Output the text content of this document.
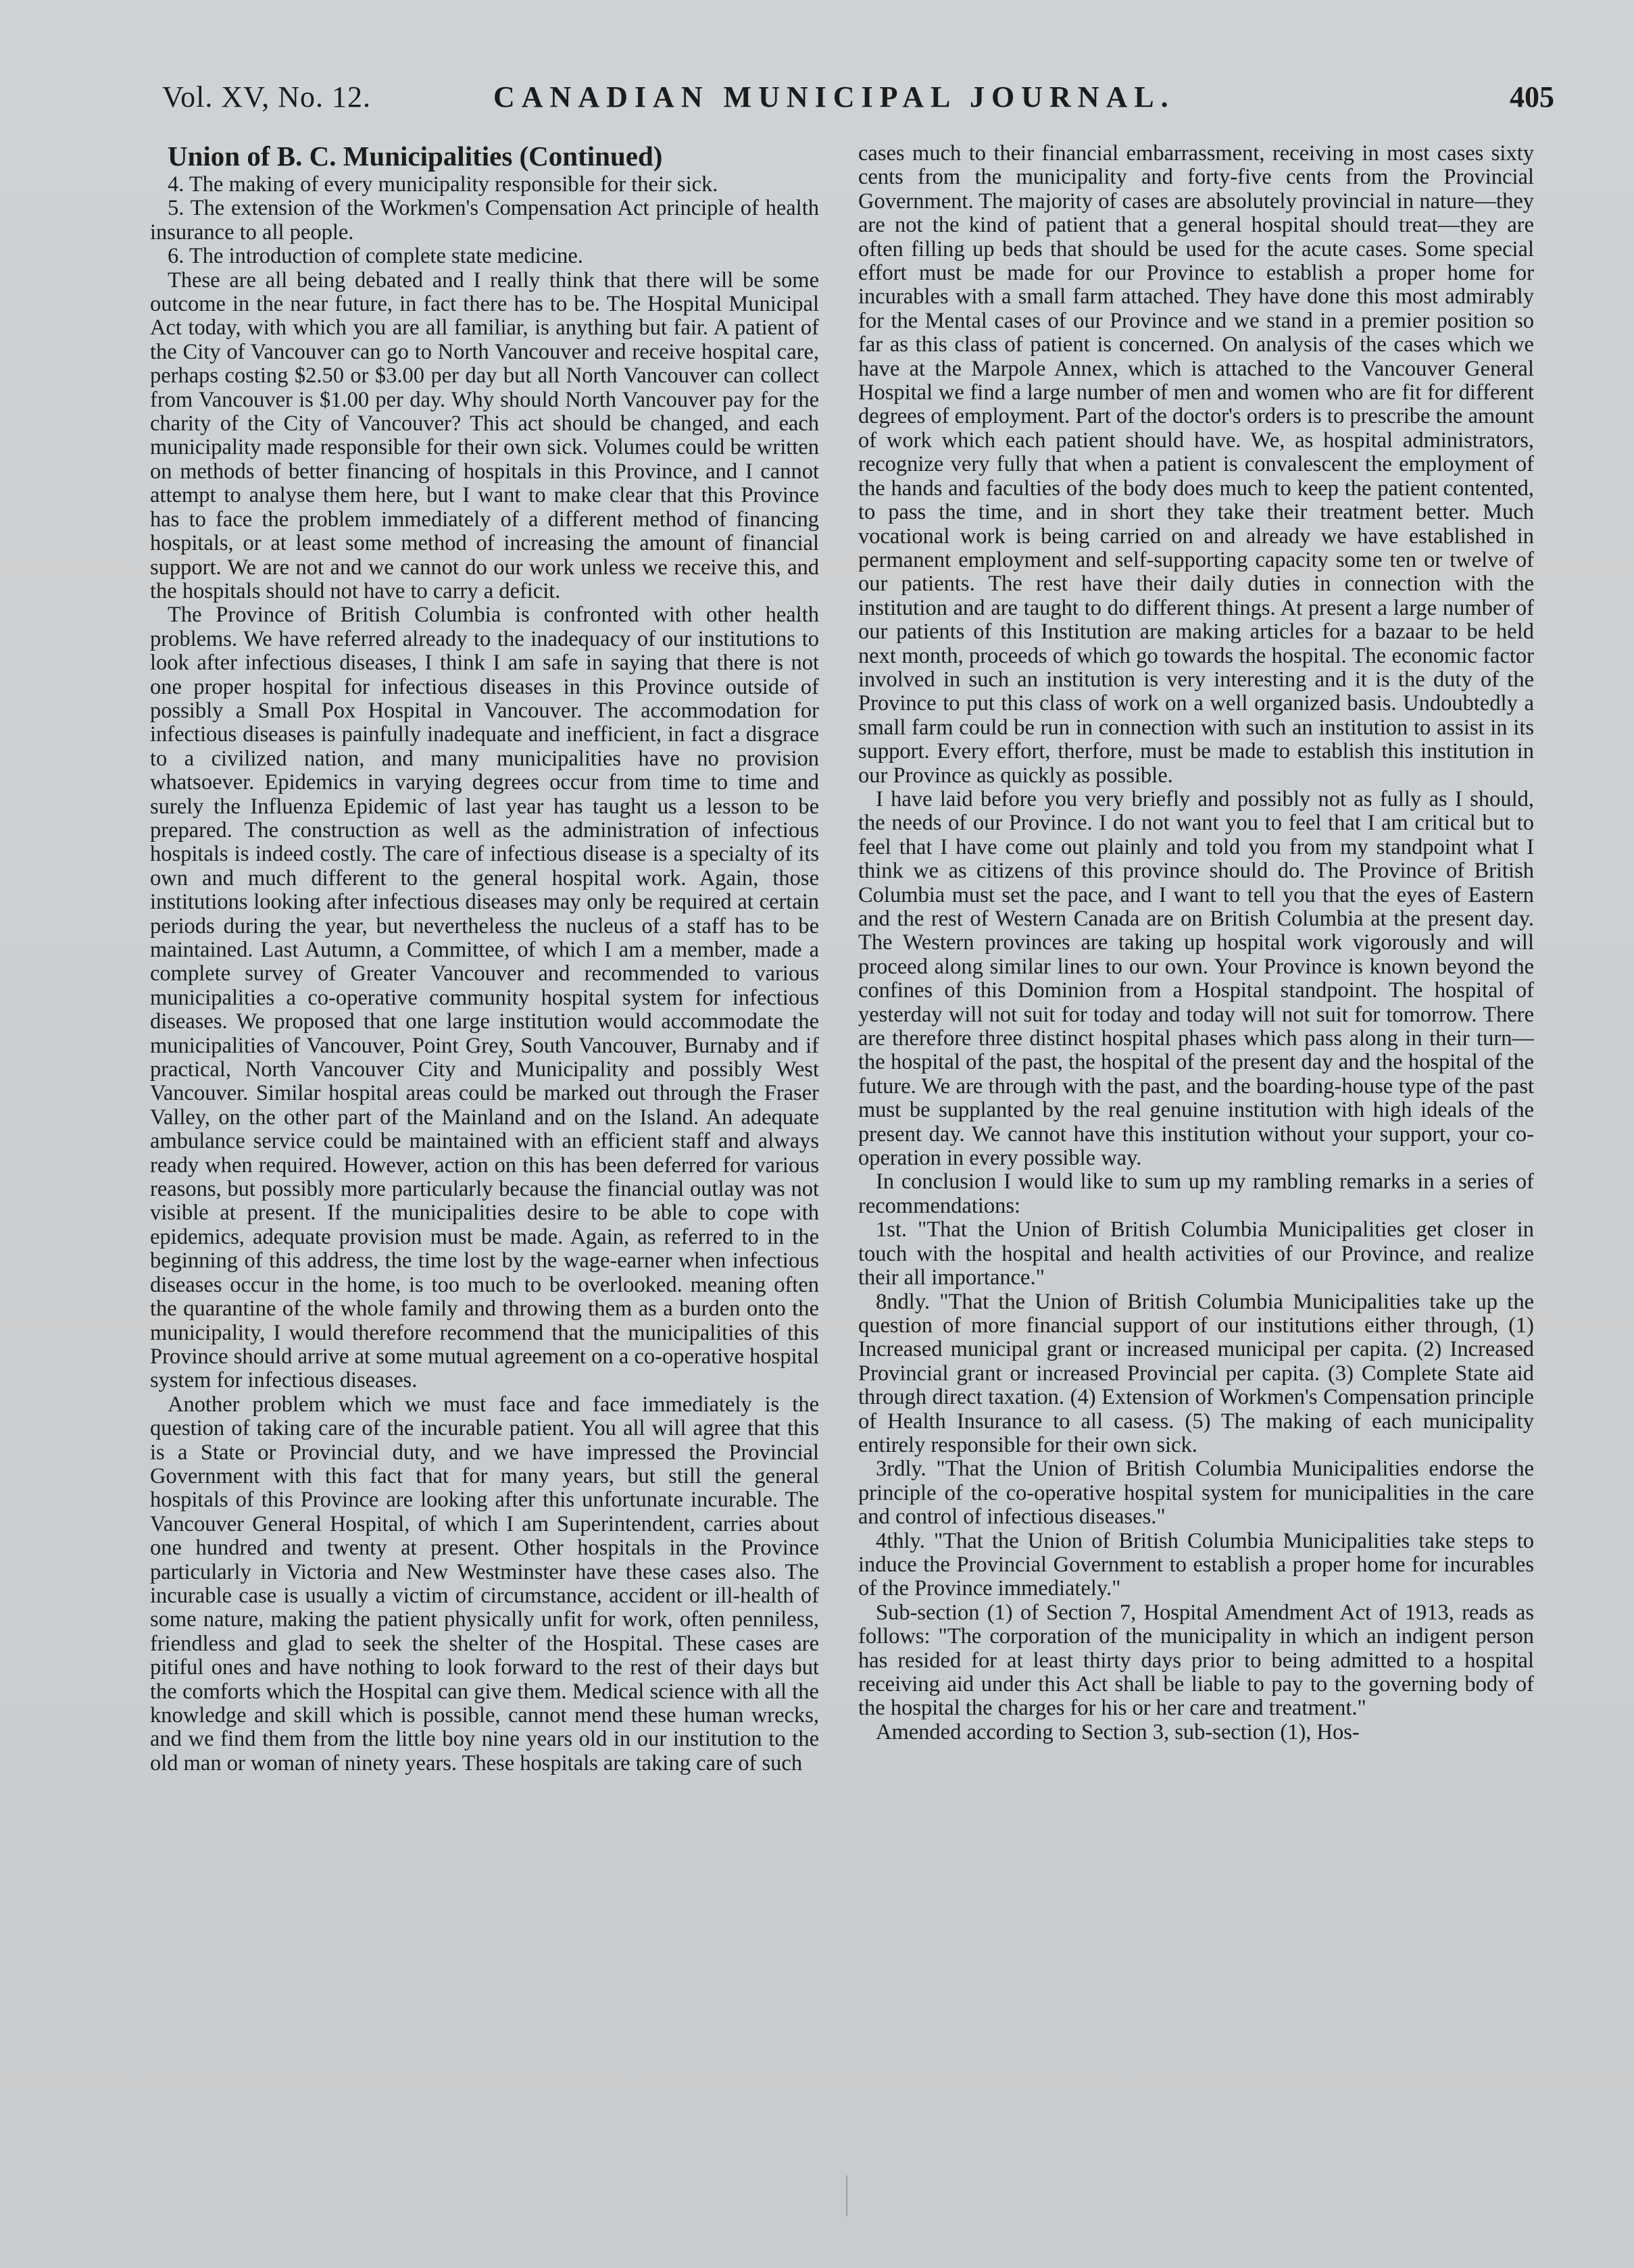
Vol. XV, No. 12.	CANADIAN MUNICIPAL JOURNAL.	405

Union of B. C. Municipalities (Continued)

4. The making of every municipality responsible for their sick.

5. The extension of the Workmen's Compensation Act principle of health insurance to all people.

6. The introduction of complete state medicine.

These are all being debated and I really think that there will be some outcome in the near future, in fact there has to be. The Hospital Municipal Act today, with which you are all familiar, is anything but fair. A patient of the City of Vancouver can go to North Vancouver and receive hospital care, perhaps costing $2.50 or $3.00 per day but all North Vancouver can collect from Vancouver is $1.00 per day. Why should North Vancouver pay for the charity of the City of Vancouver? This act should be changed, and each municipality made responsible for their own sick. Volumes could be written on methods of better financing of hospitals in this Province, and I cannot attempt to analyse them here, but I want to make clear that this Province has to face the problem immediately of a different method of financing hospitals, or at least some method of increasing the amount of financial support. We are not and we cannot do our work unless we receive this, and the hospitals should not have to carry a deficit.

The Province of British Columbia is confronted with other health problems. We have referred already to the inadequacy of our institutions to look after infectious diseases, I think I am safe in saying that there is not one proper hospital for infectious diseases in this Province outside of possibly a Small Pox Hospital in Vancouver. The accommodation for infectious diseases is painfully inadequate and inefficient, in fact a disgrace to a civilized nation, and many municipalities have no provision whatsoever. Epidemics in varying degrees occur from time to time and surely the Influenza Epidemic of last year has taught us a lesson to be prepared. The construction as well as the administration of infectious hospitals is indeed costly. The care of infectious disease is a specialty of its own and much different to the general hospital work. Again, those institutions looking after infectious diseases may only be required at certain periods during the year, but nevertheless the nucleus of a staff has to be maintained. Last Autumn, a Committee, of which I am a member, made a complete survey of Greater Vancouver and recommended to various municipalities a co-operative community hospital system for infectious diseases. We proposed that one large institution would accommodate the municipalities of Vancouver, Point Grey, South Vancouver, Burnaby and if practical, North Vancouver City and Municipality and possibly West Vancouver. Similar hospital areas could be marked out through the Fraser Valley, on the other part of the Mainland and on the Island. An adequate ambulance service could be maintained with an efficient staff and always ready when required. However, action on this has been deferred for various reasons, but possibly more particularly because the financial outlay was not visible at present. If the municipalities desire to be able to cope with epidemics, adequate provision must be made. Again, as referred to in the beginning of this address, the time lost by the wage-earner when infectious diseases occur in the home, is too much to be overlooked. meaning often the quarantine of the whole family and throwing them as a burden onto the municipality, I would therefore recommend that the municipalities of this Province should arrive at some mutual agreement on a co-operative hospital system for infectious diseases.

Another problem which we must face and face immediately is the question of taking care of the incurable patient. You all will agree that this is a State or Provincial duty, and we have impressed the Provincial Government with this fact that for many years, but still the general hospitals of this Province are looking after this unfortunate incurable. The Vancouver General Hospital, of which I am Superintendent, carries about one hundred and twenty at present. Other hospitals in the Province particularly in Victoria and New Westminster have these cases also. The incurable case is usually a victim of circumstance, accident or ill-health of some nature, making the patient physically unfit for work, often penniless, friendless and glad to seek the shelter of the Hospital. These cases are pitiful ones and have nothing to look forward to the rest of their days but the comforts which the Hospital can give them. Medical science with all the knowledge and skill which is possible, cannot mend these human wrecks, and we find them from the little boy nine years old in our institution to the old man or woman of ninety years. These hospitals are taking care of such

cases much to their financial embarrassment, receiving in most cases sixty cents from the municipality and forty-five cents from the Provincial Government. The majority of cases are absolutely provincial in nature—they are not the kind of patient that a general hospital should treat—they are often filling up beds that should be used for the acute cases. Some special effort must be made for our Province to establish a proper home for incurables with a small farm attached. They have done this most admirably for the Mental cases of our Province and we stand in a premier position so far as this class of patient is concerned. On analysis of the cases which we have at the Marpole Annex, which is attached to the Vancouver General Hospital we find a large number of men and women who are fit for different degrees of employment. Part of the doctor's orders is to prescribe the amount of work which each patient should have. We, as hospital administrators, recognize very fully that when a patient is convalescent the employment of the hands and faculties of the body does much to keep the patient contented, to pass the time, and in short they take their treatment better. Much vocational work is being carried on and already we have established in permanent employment and self-supporting capacity some ten or twelve of our patients. The rest have their daily duties in connection with the institution and are taught to do different things. At present a large number of our patients of this Institution are making articles for a bazaar to be held next month, proceeds of which go towards the hospital. The economic factor involved in such an institution is very interesting and it is the duty of the Province to put this class of work on a well organized basis. Undoubtedly a small farm could be run in connection with such an institution to assist in its support. Every effort, therfore, must be made to establish this institution in our Province as quickly as possible.

I have laid before you very briefly and possibly not as fully as I should, the needs of our Province. I do not want you to feel that I am critical but to feel that I have come out plainly and told you from my standpoint what I think we as citizens of this province should do. The Province of British Columbia must set the pace, and I want to tell you that the eyes of Eastern and the rest of Western Canada are on British Columbia at the present day. The Western provinces are taking up hospital work vigorously and will proceed along similar lines to our own. Your Province is known beyond the confines of this Dominion from a Hospital standpoint. The hospital of yesterday will not suit for today and today will not suit for tomorrow. There are therefore three distinct hospital phases which pass along in their turn—the hospital of the past, the hospital of the present day and the hospital of the future. We are through with the past, and the boarding-house type of the past must be supplanted by the real genuine institution with high ideals of the present day. We cannot have this institution without your support, your co-operation in every possible way.

In conclusion I would like to sum up my rambling remarks in a series of recommendations:

1st. "That the Union of British Columbia Municipalities get closer in touch with the hospital and health activities of our Province, and realize their all importance."

8ndly. "That the Union of British Columbia Municipalities take up the question of more financial support of our institutions either through, (1) Increased municipal grant or increased municipal per capita. (2) Increased Provincial grant or increased Provincial per capita. (3) Complete State aid through direct taxation. (4) Extension of Workmen's Compensation principle of Health Insurance to all casess. (5) The making of each municipality entirely responsible for their own sick.

3rdly. "That the Union of British Columbia Municipalities endorse the principle of the co-operative hospital system for municipalities in the care and control of infectious diseases."

4thly. "That the Union of British Columbia Municipalities take steps to induce the Provincial Government to establish a proper home for incurables of the Province immediately."

Sub-section (1) of Section 7, Hospital Amendment Act of 1913, reads as follows: "The corporation of the municipality in which an indigent person has resided for at least thirty days prior to being admitted to a hospital receiving aid under this Act shall be liable to pay to the governing body of the hospital the charges for his or her care and treatment."

Amended according to Section 3, sub-section (1), Hos-
